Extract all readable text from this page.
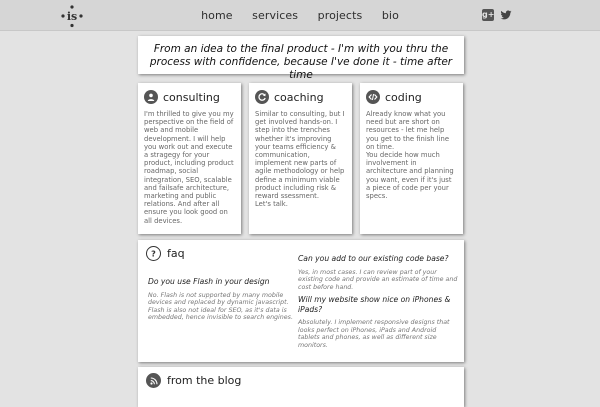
is	home services projects bio	g+
From an idea to the final product - I'm with you thru the process with confidence, because I've done it - time after time
consulting
I'm thrilled to give you my perspective on the field of web and mobile development. I will help you work out and execute a stragegy for your product, including product roadmap, social integration, SEO, scalable and failsafe architecture, marketing and public relations. And after all ensure you look good on all devices.
coaching
Similar to consulting, but I get involved hands-on. I step into the trenches whether it's improving your teams efficiency & communication, implement new parts of agile methodology or help define a minimum viable product including risk & reward ssessment.
Let's talk.
coding
Already know what you need but are short on resources - let me help you get to the finish line on time.
You decide how much involvement in architecture and planning you want, even if it's just a piece of code per your specs.
? faq
Do you use Flash in your design
No. Flash is not supported by many mobile devices and replaced by dynamic javascript. Flash is also not ideal for SEO, as it's data is embedded, hence invisible to search engines.
Can you add to our existing code base?
Yes, in most cases. I can review part of your existing code and provide an estimate of time and cost before hand.
Will my website show nice on iPhones & iPads?
Absolutely. I implement responsive designs that looks perfect on iPhones, iPads and Android tablets and phones, as well as different size monitors.
from the blog
